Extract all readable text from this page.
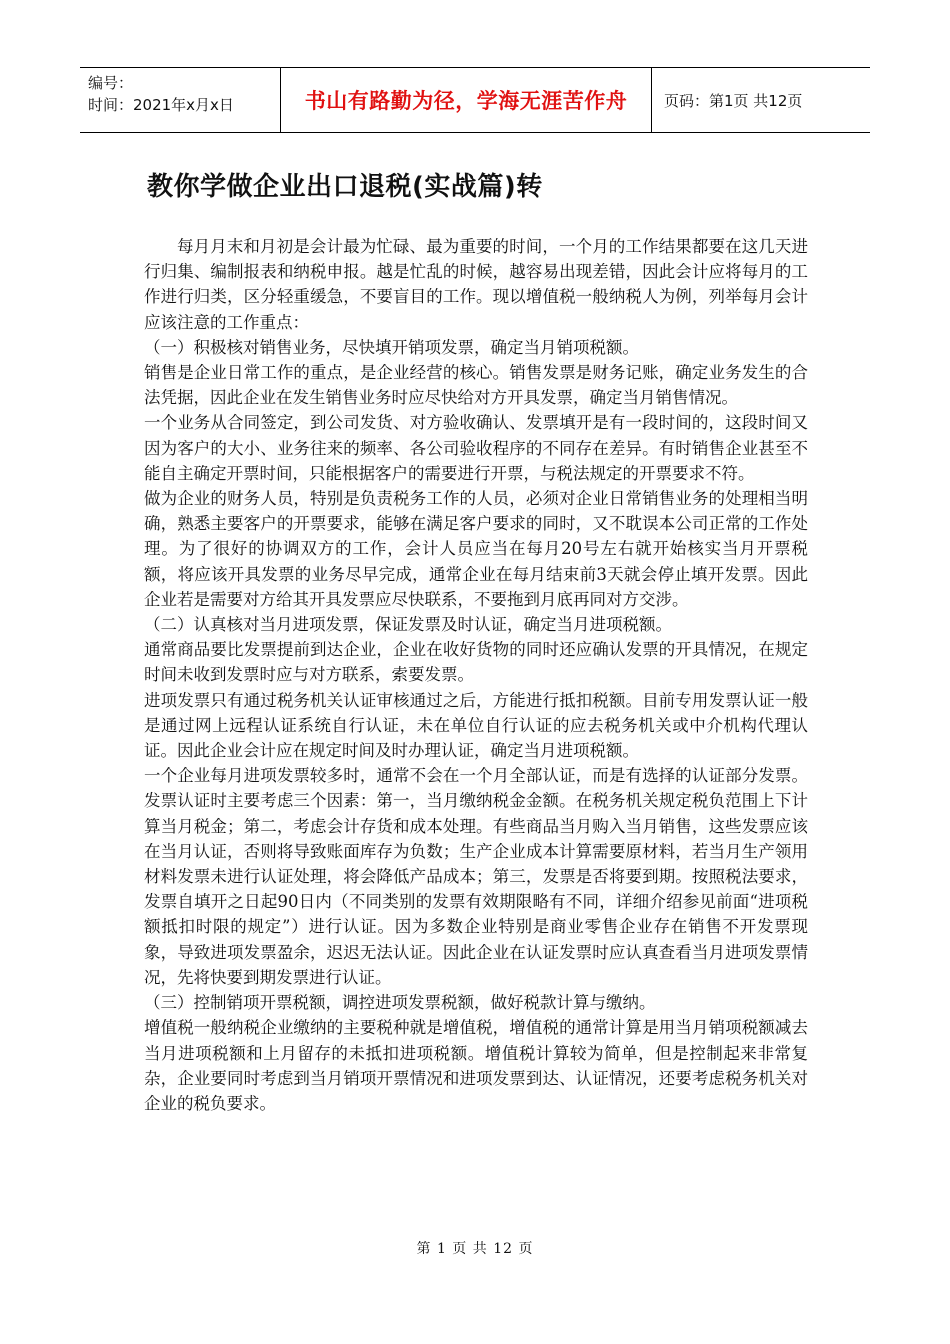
编号：
时间：2021年x月x日	书山有路勤为径，学海无涯苦作舟	页码：第1页 共12页
教你学做企业出口退税(实战篇)转

每月月末和月初是会计最为忙碌、最为重要的时间，一个月的工作结果都要在这几天进行归集、编制报表和纳税申报。越是忙乱的时候，越容易出现差错，因此会计应将每月的工作进行归类，区分轻重缓急，不要盲目的工作。现以增值税一般纳税人为例，列举每月会计应该注意的工作重点：

（一）积极核对销售业务，尽快填开销项发票，确定当月销项税额。

销售是企业日常工作的重点，是企业经营的核心。销售发票是财务记账，确定业务发生的合法凭据，因此企业在发生销售业务时应尽快给对方开具发票，确定当月销售情况。

一个业务从合同签定，到公司发货、对方验收确认、发票填开是有一段时间的，这段时间又因为客户的大小、业务往来的频率、各公司验收程序的不同存在差异。有时销售企业甚至不能自主确定开票时间，只能根据客户的需要进行开票，与税法规定的开票要求不符。

做为企业的财务人员，特别是负责税务工作的人员，必须对企业日常销售业务的处理相当明确，熟悉主要客户的开票要求，能够在满足客户要求的同时，又不耽误本公司正常的工作处理。为了很好的协调双方的工作，会计人员应当在每月20号左右就开始核实当月开票税额，将应该开具发票的业务尽早完成，通常企业在每月结束前3天就会停止填开发票。因此企业若是需要对方给其开具发票应尽快联系，不要拖到月底再同对方交涉。

（二）认真核对当月进项发票，保证发票及时认证，确定当月进项税额。

通常商品要比发票提前到达企业，企业在收好货物的同时还应确认发票的开具情况，在规定时间未收到发票时应与对方联系，索要发票。

进项发票只有通过税务机关认证审核通过之后，方能进行抵扣税额。目前专用发票认证一般是通过网上远程认证系统自行认证，未在单位自行认证的应去税务机关或中介机构代理认证。因此企业会计应在规定时间及时办理认证，确定当月进项税额。

一个企业每月进项发票较多时，通常不会在一个月全部认证，而是有选择的认证部分发票。发票认证时主要考虑三个因素：第一，当月缴纳税金金额。在税务机关规定税负范围上下计算当月税金；第二，考虑会计存货和成本处理。有些商品当月购入当月销售，这些发票应该在当月认证，否则将导致账面库存为负数；生产企业成本计算需要原材料，若当月生产领用材料发票未进行认证处理，将会降低产品成本；第三，发票是否将要到期。按照税法要求，发票自填开之日起90日内（不同类别的发票有效期限略有不同，详细介绍参见前面“进项税额抵扣时限的规定”）进行认证。因为多数企业特别是商业零售企业存在销售不开发票现象，导致进项发票盈余，迟迟无法认证。因此企业在认证发票时应认真查看当月进项发票情况，先将快要到期发票进行认证。

（三）控制销项开票税额，调控进项发票税额，做好税款计算与缴纳。

增值税一般纳税企业缴纳的主要税种就是增值税，增值税的通常计算是用当月销项税额减去当月进项税额和上月留存的未抵扣进项税额。增值税计算较为简单，但是控制起来非常复杂，企业要同时考虑到当月销项开票情况和进项发票到达、认证情况，还要考虑税务机关对企业的税负要求。

第 1 页 共 12 页
